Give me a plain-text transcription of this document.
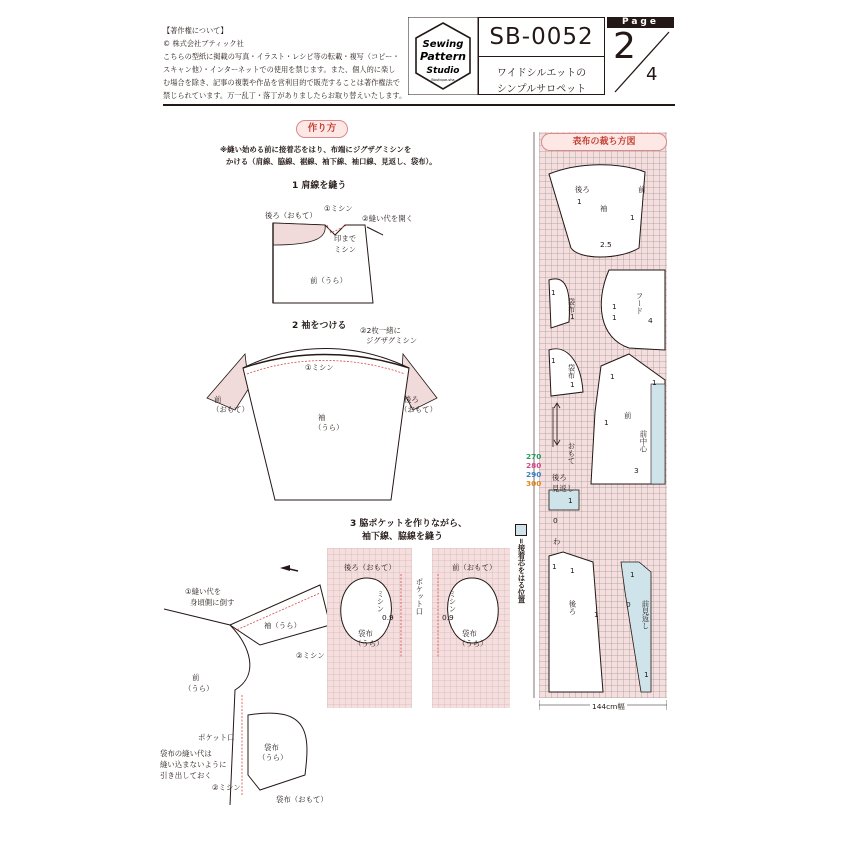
【著作権について】
© 株式会社ブティック社
こちらの型紙に掲載の写真・イラスト・レシピ等の転載・複写（コピー・
スキャン他）・インターネットでの使用を禁じます。また、個人的に楽し
む場合を除き、記事の複製や作品を営利目的で販売することは著作権法で
禁じられています。万一乱丁・落丁がありましたらお取り替えいたします。
Sewing
Pattern
Studio
Boutique-sha
SB-0052
ワイドシルエットの
シンプルサロペット
Page
2
4
作り方
※縫い始める前に接着芯をはり、布端にジグザグミシンを
かける（肩線、脇線、裾線、袖下線、袖口線、見返し、袋布）。
1 肩線を縫う
後ろ（おもて）
①ミシン
②縫い代を開く
印まで
ミシン
前（うら）
2 袖をつける ②2枚一緒に
ジグザグミシン
①ミシン
前
（おもて）
袖
（うら）
後ろ
（おもて）
3 脇ポケットを作りながら、
袖下線、脇線を縫う
①縫い代を
身頃側に倒す
袖（うら）
②ミシン
前
（うら）
ポケット口
袋布
（うら）
袋布の縫い代は
縫い込まないように
引き出しておく
②ミシン
袋布（おもて）
後ろ（おもて）
ミシン
0.9
袋布
（うら）
ポケット口
前（おもて）
ミシン
0.9
袋布
（うら）
表布の裁ち方図
後ろ	前
袖
1
1
2.5
袋布
1
1
フード
1
1	4
袋布
1
1
前
前中心
1
1
1
3
おもて
後ろ
見返し
1
0
わ
後ろ
1 1
1	前見返し
0
1
1
270
280
290
300
=接着芯をはる位置
144cm幅
